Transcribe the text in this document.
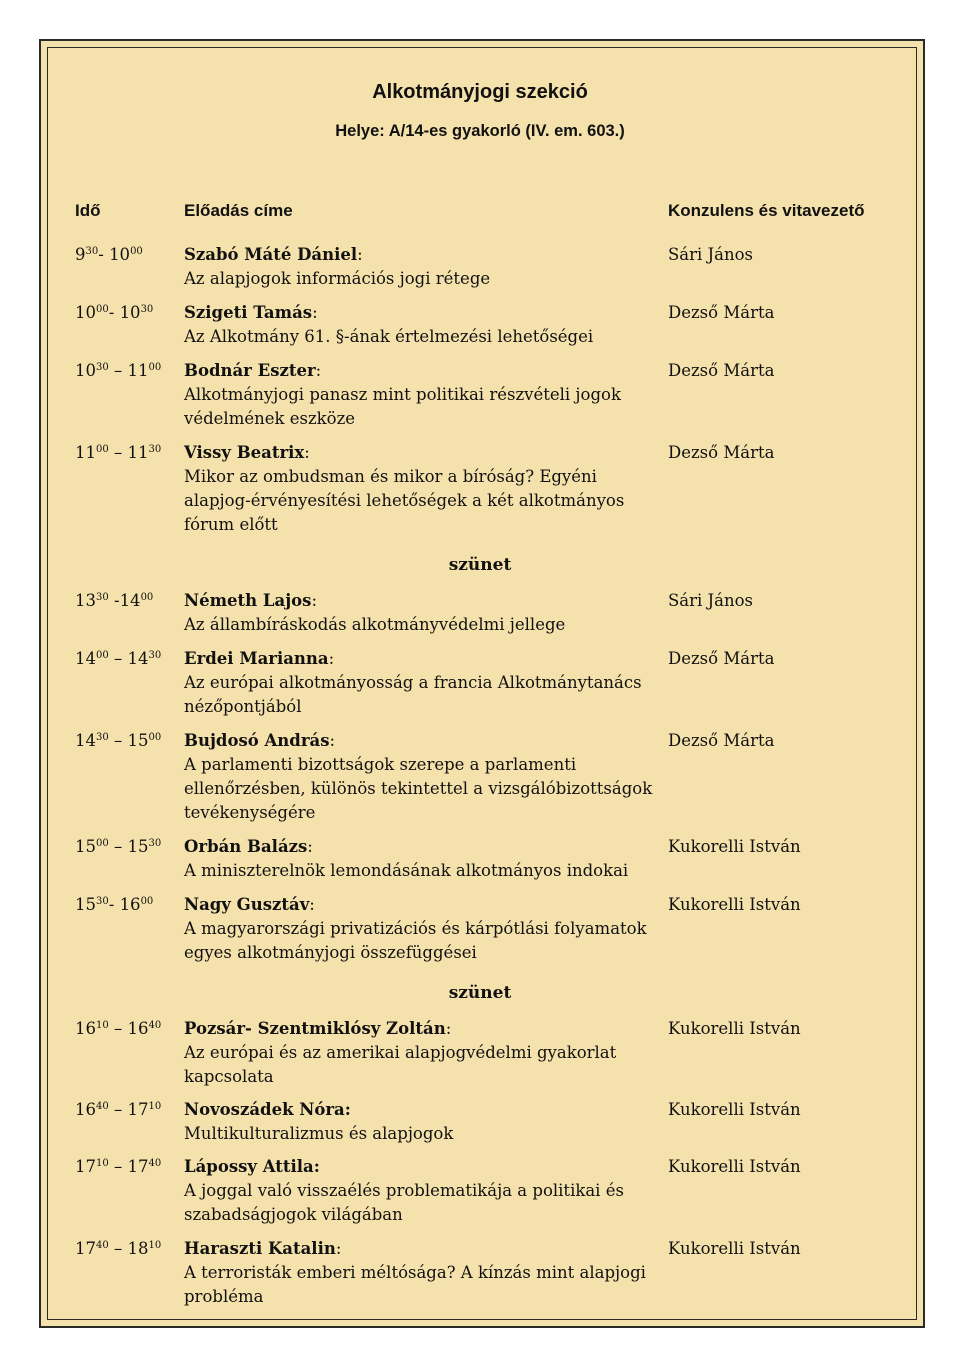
Alkotmányjogi szekció
Helye: A/14-es gyakorló (IV. em. 603.)
Idő	Előadás címe	Konzulens és vitavezető
$9^{30}-$ $10^{00}$ Szabó Máté Dániel:
Az alapjogok információs jogi rétege
Sári János
$10^{00}-$ $10^{30}$ Szigeti Tamás:
Az Alkotmány 61. §-ának értelmezési lehetőségei
Dezső Márta
$10^{30} - 11^{00}$ Bodnár Eszter:
Alkotmányjogi panasz mint politikai részvételi jogok védelmének eszköze
Dezső Márta
$11^{00} - 11^{30}$ Vissy Beatrix:
Mikor az ombudsman és mikor a bíróság? Egyéni alapjog-érvényesítési lehetőségek a két alkotmányos fórum előtt
Dezső Márta
$13^{30}$ $-14^{00}$ Németh Lajos:
Az állambíráskodás alkotmányvédelmi jellege
Sári János
$14^{00} - 14^{30}$ Erdei Marianna:
Az európai alkotmányosság a francia Alkotmánytanács nézőpontjából
Dezső Márta
$14^{30} - 15^{00}$ Bujdosó András:
A parlamenti bizottságok szerepe a parlamenti ellenőrzésben, különös tekintettel a vizsgálóbizottságok tevékenységére
Dezső Márta
$15^{00} - 15^{30}$ Orbán Balázs:
A miniszterelnök lemondásának alkotmányos indokai
Kukorelli István
$15^{30}-$ $16^{00}$ Nagy Gusztáv:
A magyarországi privatizációs és kárpótlási folyamatok egyes alkotmányjogi összefüggései
Kukorelli István
$16^{10} - 16^{40}$ Pozsár- Szentmiklósy Zoltán:
Az európai és az amerikai alapjogvédelmi gyakorlat kapcsolata
Kukorelli István
$16^{40} - 17^{10}$ Novoszádek Nóra:
Multikulturalizmus és alapjogok
Kukorelli István
$17^{10} - 17^{40}$ Lápossy Attila:
A joggal való visszaélés problematikája a politikai és szabadságjogok világában
Kukorelli István
$17^{40} - 18^{10}$ Haraszti Katalin:
A terroristák emberi méltósága? A kínzás mint alapjogi probléma
Kukorelli István
szünet
szünet
